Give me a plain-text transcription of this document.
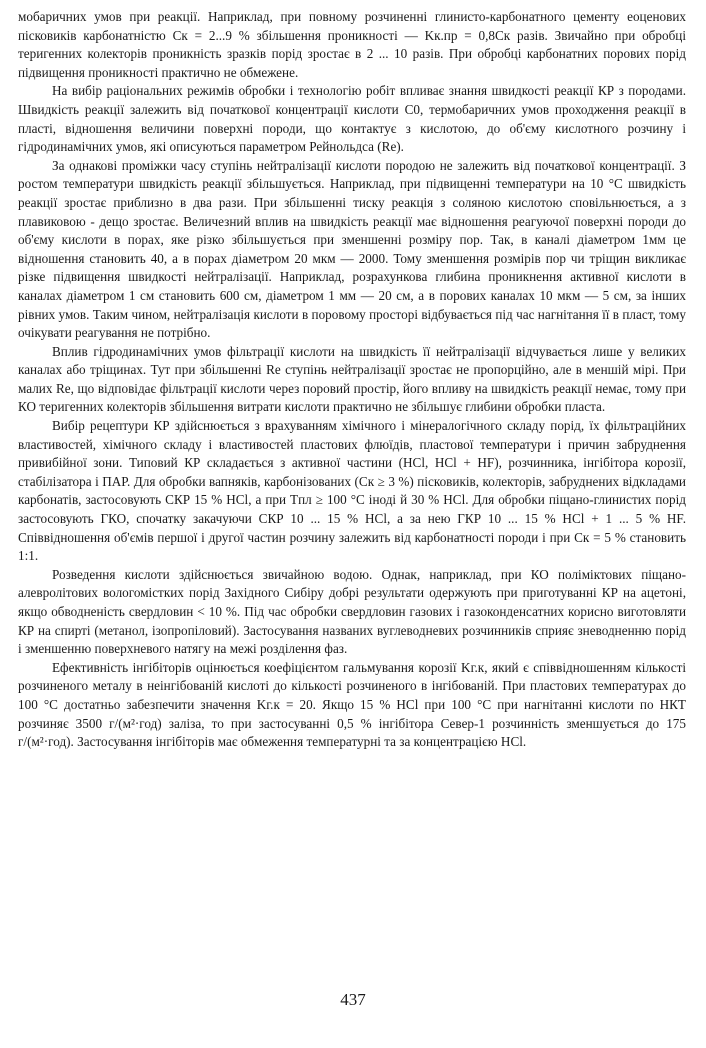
мобаричних умов при реакції. Наприклад, при повному розчиненні глинисто-карбонатного цементу еоценових пісковиків карбонатністю Cк = 2...9 % збільшення проникності — Kк.пр = 0,8Cк разів. Звичайно при обробці теригенних колекторів проникність зразків порід зростає в 2 ... 10 разів. При обробці карбонатних порових порід підвищення проникності практично не обмежене.

На вибір раціональних режимів обробки і технологію робіт впливає знання швидкості реакції КР з породами. Швидкість реакції залежить від початкової концентрації кислоти C0, термобаричних умов проходження реакції в пласті, відношення величини поверхні породи, що контактує з кислотою, до об'єму кислотного розчину і гідродинамічних умов, які описуються параметром Рейнольдса (Re).

За однакові проміжки часу ступінь нейтралізації кислоти породою не залежить від початкової концентрації. З ростом температури швидкість реакції збільшується. Наприклад, при підвищенні температури на 10 °C швидкість реакції зростає приблизно в два рази. При збільшенні тиску реакція з соляною кислотою сповільнюється, а з плавиковою - дещо зростає. Величезний вплив на швидкість реакції має відношення реагуючої поверхні породи до об'єму кислоти в порах, яке різко збільшується при зменшенні розміру пор. Так, в каналі діаметром 1мм це відношення становить 40, а в порах діаметром 20 мкм — 2000. Тому зменшення розмірів пор чи тріщин викликає різке підвищення швидкості нейтралізації. Наприклад, розрахункова глибина проникнення активної кислоти в каналах діаметром 1 см становить 600 см, діаметром 1 мм — 20 см, а в порових каналах 10 мкм — 5 см, за інших рівних умов. Таким чином, нейтралізація кислоти в поровому просторі відбувається під час нагнітання її в пласт, тому очікувати реагування не потрібно.

Вплив гідродинамічних умов фільтрації кислоти на швидкість її нейтралізації відчувається лише у великих каналах або тріщинах. Тут при збільшенні Re ступінь нейтралізації зростає не пропорційно, але в меншій мірі. При малих Re, що відповідає фільтрації кислоти через поровий простір, його впливу на швидкість реакції немає, тому при КО теригенних колекторів збільшення витрати кислоти практично не збільшує глибини обробки пласта.

Вибір рецептури КР здійснюється з врахуванням хімічного і мінералогічного складу порід, їх фільтраційних властивостей, хімічного складу і властивостей пластових флюїдів, пластової температури і причин забруднення привибійної зони. Типовий КР складається з активної частини (HCl, HCl + HF), розчинника, інгібітора корозії, стабілізатора і ПАР. Для обробки вапняків, карбонізованих (Cк ≥ 3 %) пісковиків, колекторів, забруднених відкладами карбонатів, застосовують СКР 15 % HCl, а при Tпл ≥ 100 °C іноді й 30 % HCl. Для обробки піщано-глинистих порід застосовують ГКО, спочатку закачуючи СКР 10 ... 15 % HCl, а за нею ГКР 10 ... 15 % HCl + 1 ... 5 % HF. Співвідношення об'ємів першої і другої частин розчину залежить від карбонатності породи і при Cк = 5 % становить 1:1.

Розведення кислоти здійснюється звичайною водою. Однак, наприклад, при КО поліміктових піщано-алевролітових вологомістких порід Західного Сибіру добрі результати одержують при приготуванні КР на ацетоні, якщо обводненість свердловин < 10 %. Під час обробки свердловин газових і газоконденсатних корисно виготовляти КР на спирті (метанол, ізопропіловий). Застосування названих вуглеводневих розчинників сприяє зневодненню порід і зменшенню поверхневого натягу на межі розділення фаз.

Ефективність інгібіторів оцінюється коефіцієнтом гальмування корозії Kг.к, який є співвідношенням кількості розчиненого металу в неінгібованій кислоті до кількості розчиненого в інгібованій. При пластових температурах до 100 °C достатньо забезпечити значення Kг.к = 20. Якщо 15 % HCl при 100 °C при нагнітанні кислоти по НКТ розчиняє 3500 г/(м²·год) заліза, то при застосуванні 0,5 % інгібітора Север-1 розчинність зменшується до 175 г/(м²·год). Застосування інгібіторів має обмеження температурні та за концентрацією HCl.

437
